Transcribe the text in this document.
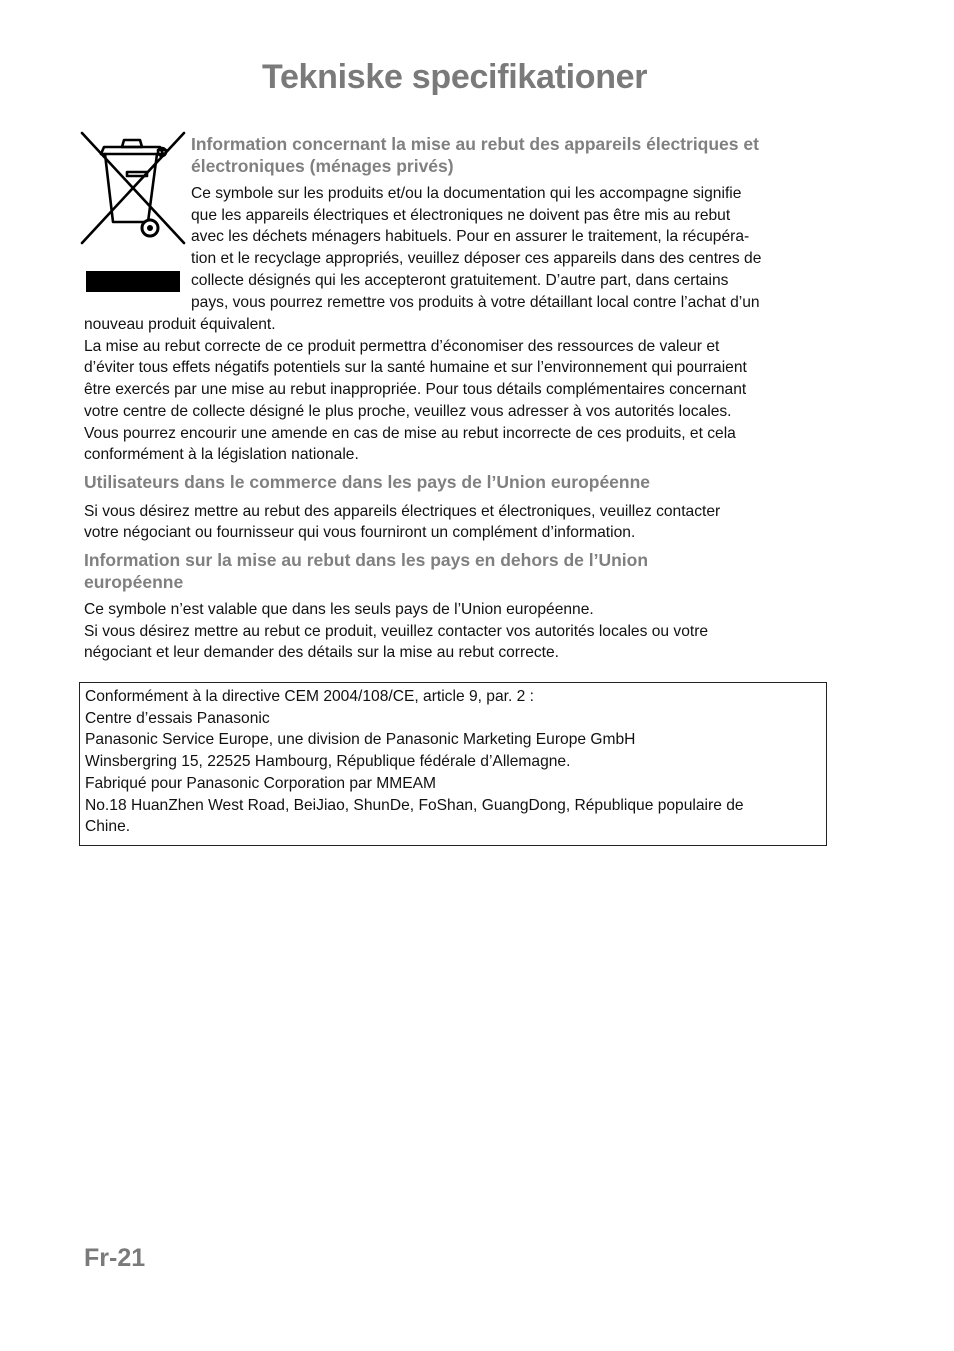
Tekniske specifikationer

Information concernant la mise au rebut des appareils électriques et
électroniques (ménages privés)

Ce symbole sur les produits et/ou la documentation qui les accompagne signifie
que les appareils électriques et électroniques ne doivent pas être mis au rebut
avec les déchets ménagers habituels. Pour en assurer le traitement, la récupéra-
tion et le recyclage appropriés, veuillez déposer ces appareils dans des centres de
collecte désignés qui les accepteront gratuitement. D’autre part, dans certains
pays, vous pourrez remettre vos produits à votre détaillant local contre l’achat d’un

nouveau produit équivalent.
La mise au rebut correcte de ce produit permettra d’économiser des ressources de valeur et
d’éviter tous effets négatifs potentiels sur la santé humaine et sur l’environnement qui pourraient
être exercés par une mise au rebut inappropriée. Pour tous détails complémentaires concernant
votre centre de collecte désigné le plus proche, veuillez vous adresser à vos autorités locales.
Vous pourrez encourir une amende en cas de mise au rebut incorrecte de ces produits, et cela
conformément à la législation nationale.

Utilisateurs dans le commerce dans les pays de l’Union européenne

Si vous désirez mettre au rebut des appareils électriques et électroniques, veuillez contacter
votre négociant ou fournisseur qui vous fourniront un complément d’information.

Information sur la mise au rebut dans les pays en dehors de l’Union
européenne

Ce symbole n’est valable que dans les seuls pays de l’Union européenne.
Si vous désirez mettre au rebut ce produit, veuillez contacter vos autorités locales ou votre
négociant et leur demander des détails sur la mise au rebut correcte.

Conformément à la directive CEM 2004/108/CE, article 9, par. 2 :
Centre d’essais Panasonic
Panasonic Service Europe, une division de Panasonic Marketing Europe GmbH
Winsbergring 15, 22525 Hambourg, République fédérale d’Allemagne.
Fabriqué pour Panasonic Corporation par MMEAM
No.18 HuanZhen West Road, BeiJiao, ShunDe, FoShan, GuangDong, République populaire de
Chine.
Fr-21
